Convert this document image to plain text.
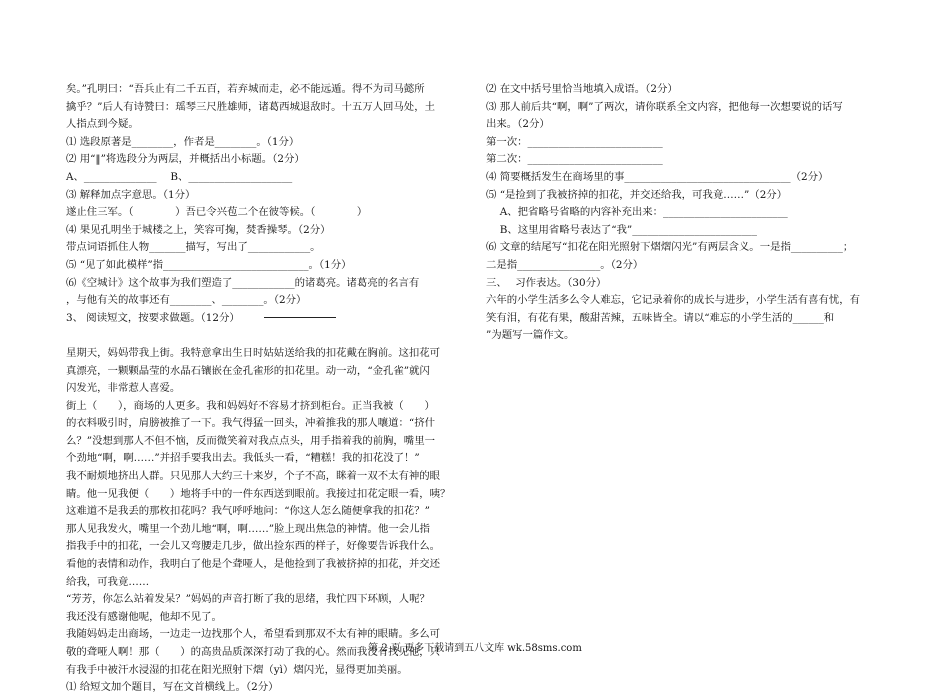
矣。”孔明曰：“吾兵止有二千五百，若弃城而走，必不能远遁。得不为司马懿所
擒乎？”后人有诗赞曰：瑶琴三尺胜雄师，诸葛西城退敌时。十五万人回马处，土
人指点到今疑。
⑴ 选段原著是________，作者是________。（1分）
⑵ 用“‖”将选段分为两层，并概括出小标题。（2分）
A、______________　 B、____________________
⑶ 解释加点字意思。（1分）
遂止住三军。（　　　　）吾已令兴苞二个在彼等候。（　　　　）
⑷ 果见孔明坐于城楼之上，笑容可掬，焚香操琴。（2分）
带点词语抓住人物_______描写，写出了____________。
⑸ “见了如此模样”指____________________________。（1分）
⑹《空城计》这个故事为我们塑造了____________的诸葛亮。诸葛亮的名言有
，与他有关的故事还有________、________。（2分）
3、 阅读短文，按要求做题。（12分）

星期天，妈妈带我上街。我特意拿出生日时姑姑送给我的扣花戴在胸前。这扣花可
真漂亮，一颗颗晶莹的水晶石镶嵌在金孔雀形的扣花里。动一动，“金孔雀”就闪
闪发光，非常惹人喜爱。
街上（　　），商场的人更多。我和妈妈好不容易才挤到柜台。正当我被（　　）
的衣料吸引时，肩膀被推了一下。我气得猛一回头，冲着推我的那人嚷道：“挤什
么？”没想到那人不但不恼，反而微笑着对我点点头，用手指着我的前胸，嘴里一
个劲地“啊，啊……”并招手要我出去。我低头一看，“糟糕！我的扣花没了！”
我不耐烦地挤出人群。只见那人大约三十来岁，个子不高，眯着一双不太有神的眼
睛。他一见我便（　　）地将手中的一件东西送到眼前。我接过扣花定眼一看，咦？
这难道不是我丢的那枚扣花吗？我气呼呼地问：“你这人怎么随便拿我的扣花？”
那人见我发火，嘴里一个劲儿地“啊，啊……”脸上现出焦急的神情。他一会儿指
指我手中的扣花，一会儿又弯腰走几步，做出捡东西的样子，好像要告诉我什么。
看他的表情和动作，我明白了他是个聋哑人，是他捡到了我被挤掉的扣花，并交还
给我，可我竟……
“芳芳，你怎么站着发呆？”妈妈的声音打断了我的思绪，我忙四下环顾，人呢？
我还没有感谢他呢，他却不见了。
我随妈妈走出商场，一边走一边找那个人，希望看到那双不太有神的眼睛。多么可
敬的聋哑人啊！那（　　）的高贵品质深深打动了我的心。然而我没有找见他，只
有我手中被汗水浸湿的扣花在阳光照射下熠（yì）熠闪光，显得更加美丽。
⑴ 给短文加个题目，写在文首横线上。（2分）
⑵ 在文中括号里恰当地填入成语。（2分）
⑶ 那人前后共“啊，啊”了两次，请你联系全文内容，把他每一次想要说的话写
出来。（2分）
第一次：__________________________
第二次：__________________________
⑷ 简要概括发生在商场里的事________________________________（2分）
⑸ “是捡到了我被挤掉的扣花，并交还给我，可我竟……”（2分）
　 A、把省略号省略的内容补充出来：________________________
　 B、这里用省略号表达了“我”________________________
⑹ 文章的结尾写“扣花在阳光照射下熠熠闪光”有两层含义。一是指__________；
二是指________________。（2分）
三、　 习作表达。（30分）
六年的小学生活多么令人难忘，它记录着你的成长与进步，小学生活有喜有忧，有
笑有泪，有花有果，酸甜苦辣，五味皆全。请以“难忘的小学生活的______和
”为题写一篇作文。
第 2 页 更多下载请到五八文库 wk.58sms.com
